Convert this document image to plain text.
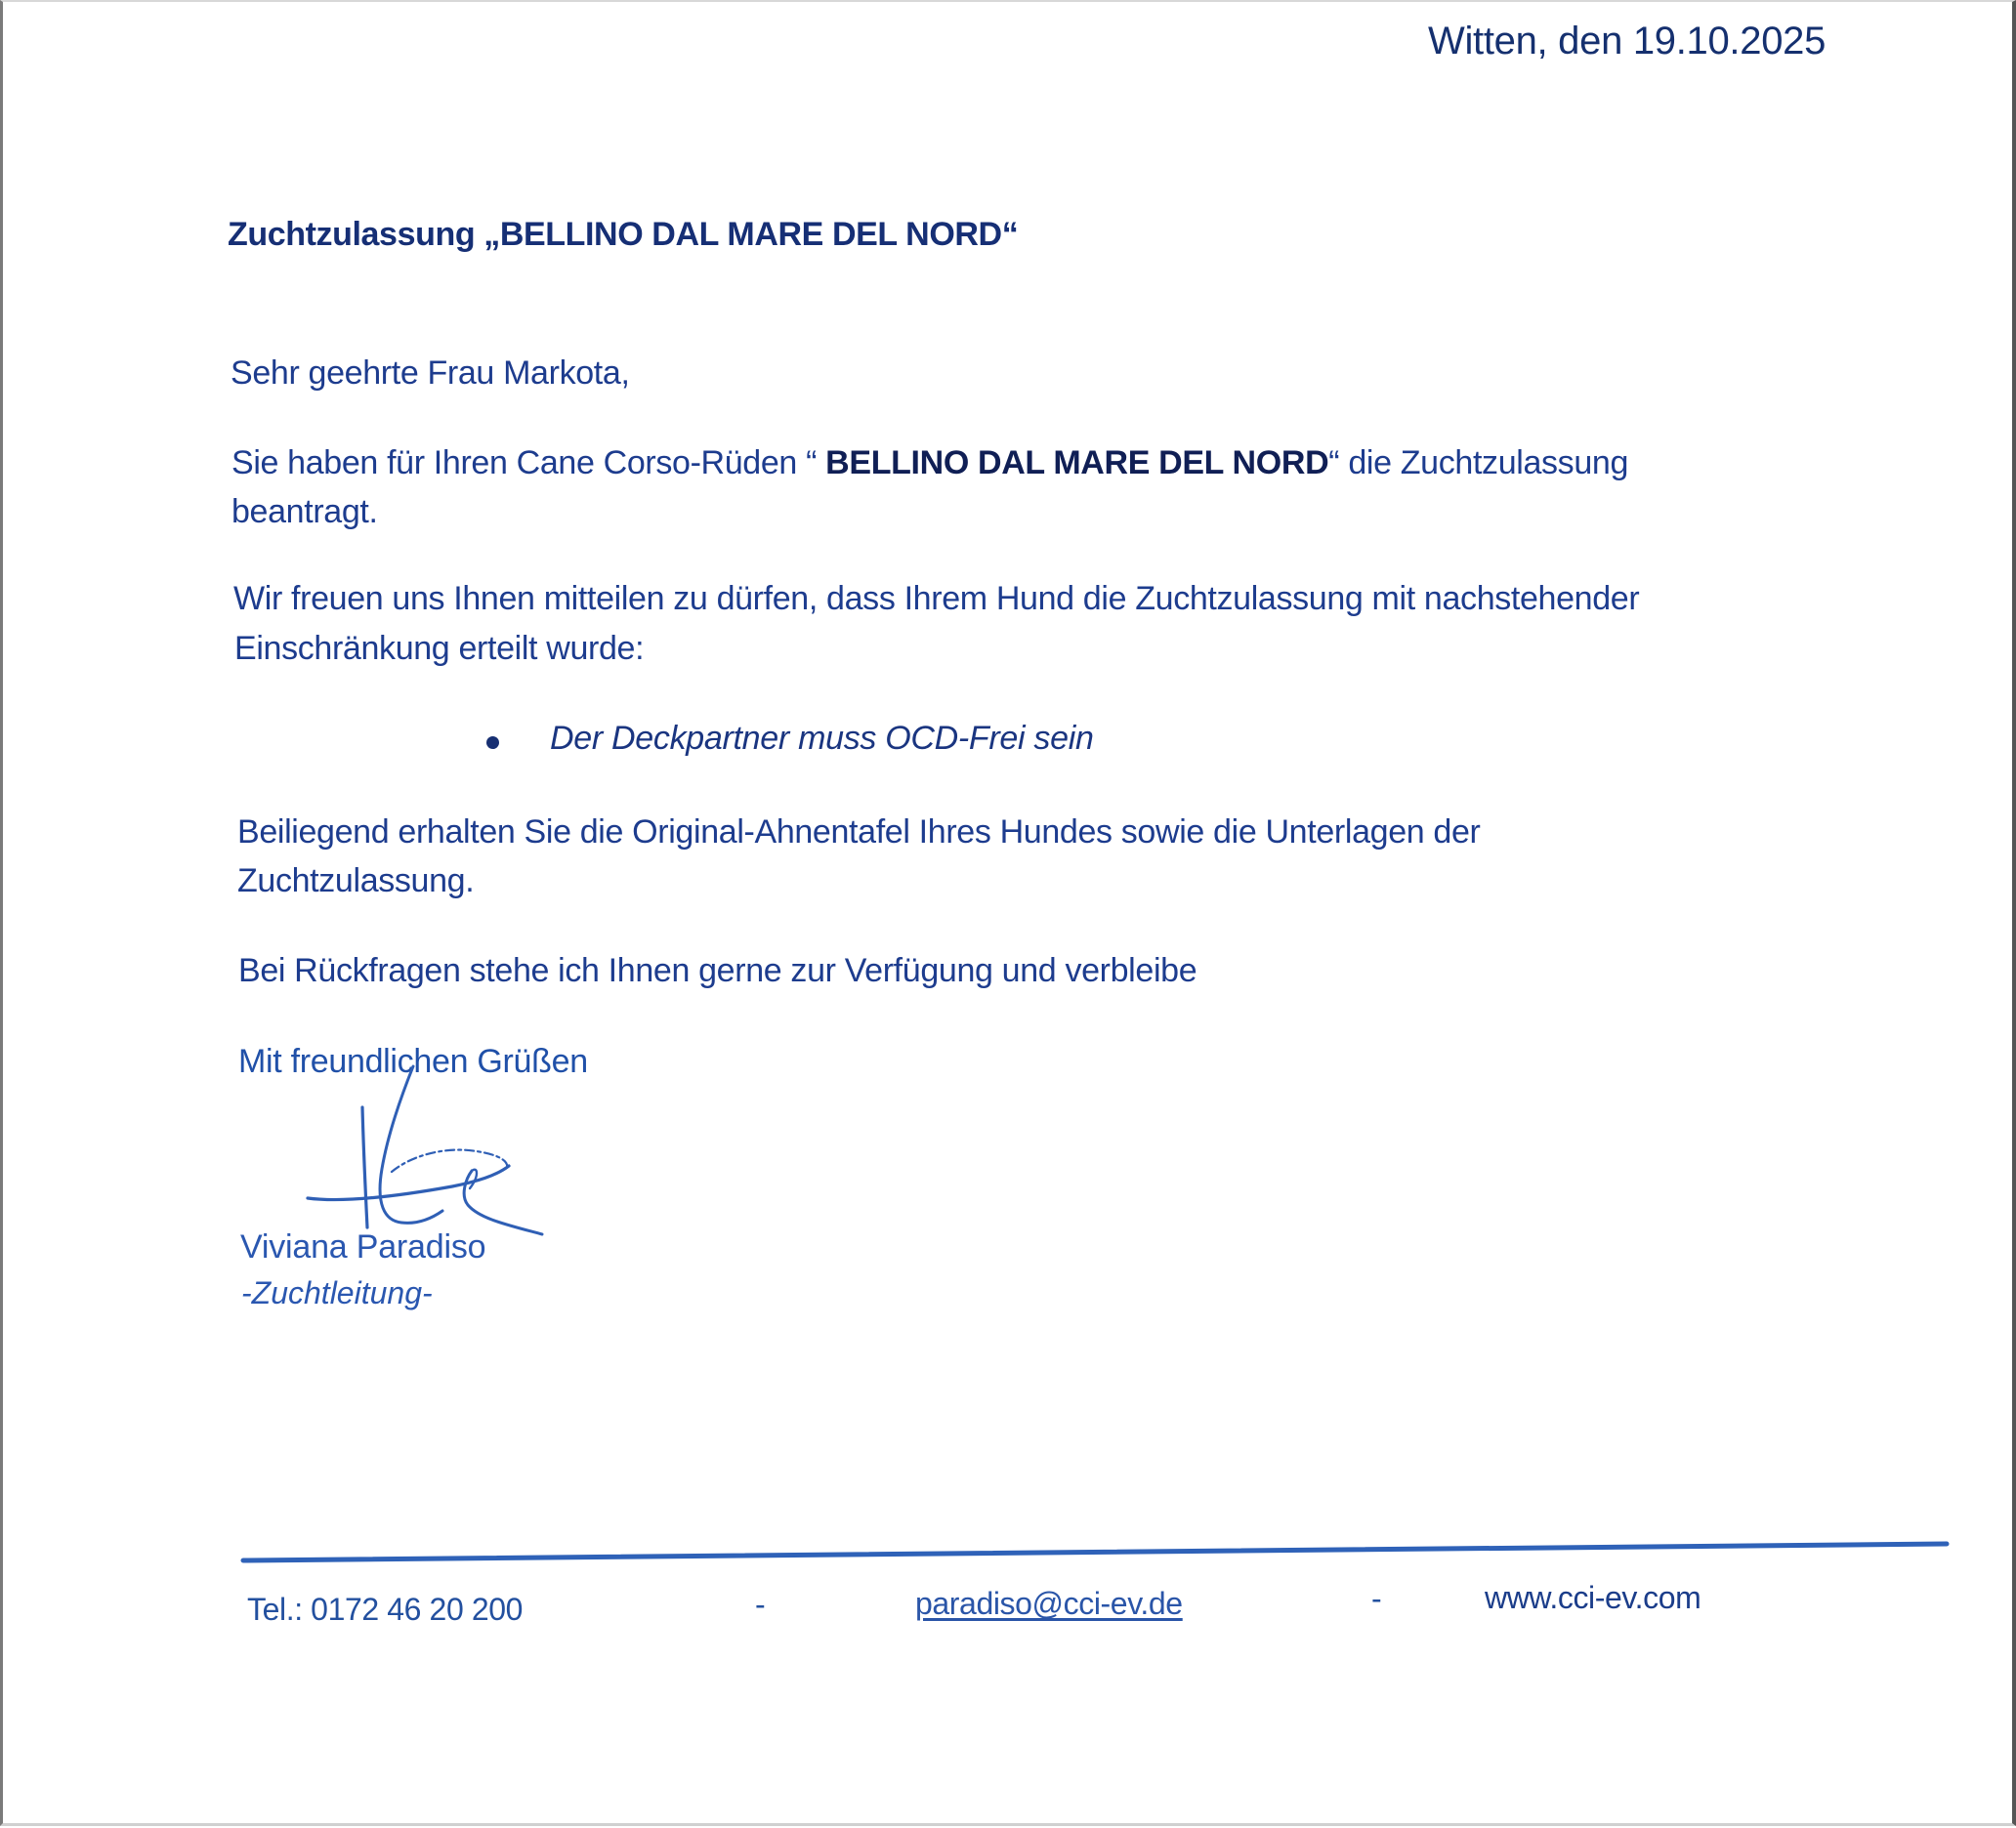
Witten, den 19.10.2025
Zuchtzulassung „BELLINO DAL MARE DEL NORD“
Sehr geehrte Frau Markota,
Sie haben für Ihren Cane Corso-Rüden “ BELLINO DAL MARE DEL NORD“ die Zuchtzulassung
beantragt.
Wir freuen uns Ihnen mitteilen zu dürfen, dass Ihrem Hund die Zuchtzulassung mit nachstehender
Einschränkung erteilt wurde:
Der Deckpartner muss OCD-Frei sein
Beiliegend erhalten Sie die Original-Ahnentafel Ihres Hundes sowie die Unterlagen der
Zuchtzulassung.
Bei Rückfragen stehe ich Ihnen gerne zur Verfügung und verbleibe
Mit freundlichen Grüßen
Viviana Paradiso
-Zuchtleitung-
Tel.: 0172 46 20 200	-	paradiso@cci-ev.de	-	www.cci-ev.com
